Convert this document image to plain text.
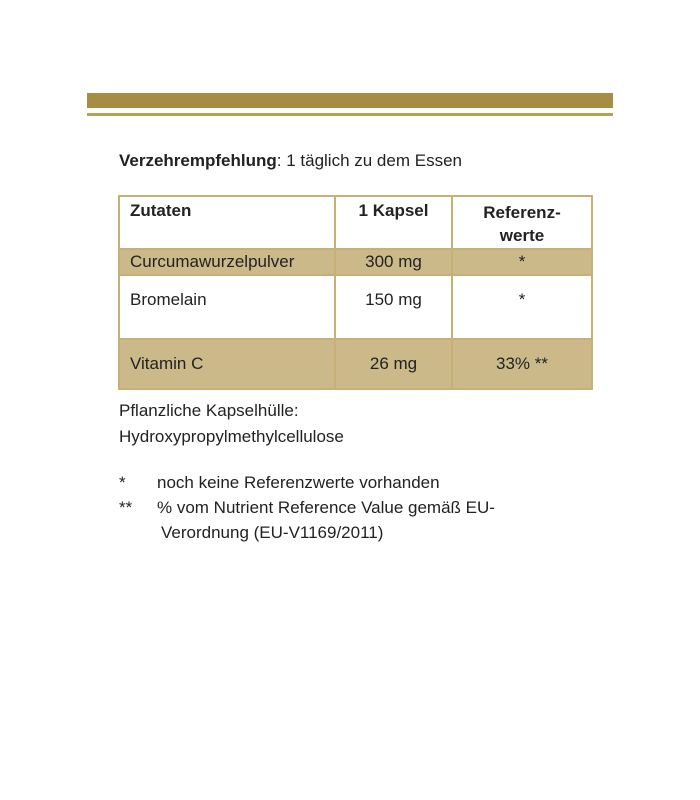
Verzehrempfehlung: 1 täglich zu dem Essen
Zutaten	1 Kapsel	Referenz-
werte

Curcumawurzelpulver	300 mg	*
Bromelain	150 mg	*
Vitamin C	26 mg	33% **
Pflanzliche Kapselhülle:
Hydroxypropylmethylcellulose
* noch keine Referenzwerte vorhanden
** % vom Nutrient Reference Value gemäß EU-
Verordnung (EU-V1169/2011)
